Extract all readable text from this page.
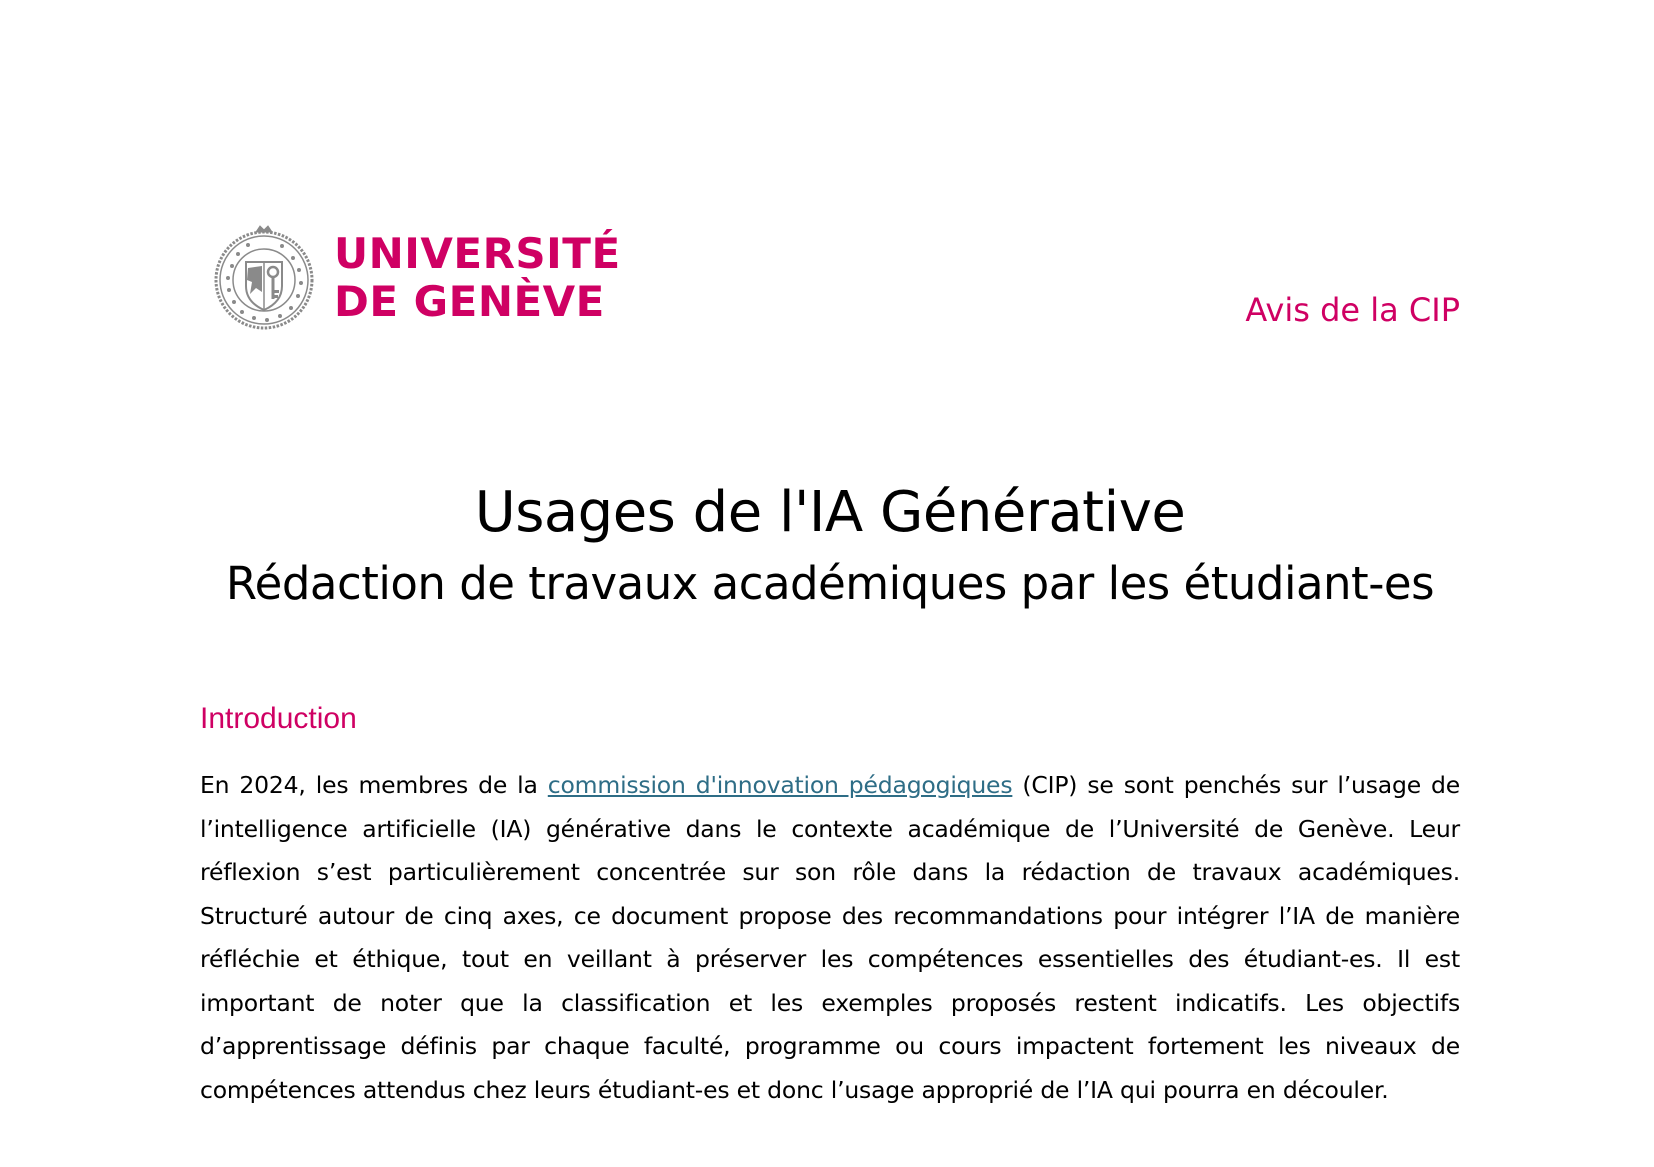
UNIVERSITÉ
DE GENÈVE	Avis de la CIP
Usages de l'IA Générative
Rédaction de travaux académiques par les étudiant-es
Introduction

En 2024, les membres de la commission d'innovation pédagogiques (CIP) se sont penchés sur l’usage de l’intelligence artificielle (IA) générative dans le contexte académique de l’Université de Genève. Leur réflexion s’est particulièrement concentrée sur son rôle dans la rédaction de travaux académiques. Structuré autour de cinq axes, ce document propose des recommandations pour intégrer l’IA de manière réfléchie et éthique, tout en veillant à préserver les compétences essentielles des étudiant-es. Il est important de noter que la classification et les exemples proposés restent indicatifs. Les objectifs d’apprentissage définis par chaque faculté, programme ou cours impactent fortement les niveaux de compétences attendus chez leurs étudiant-es et donc l’usage approprié de l’IA qui pourra en découler.
